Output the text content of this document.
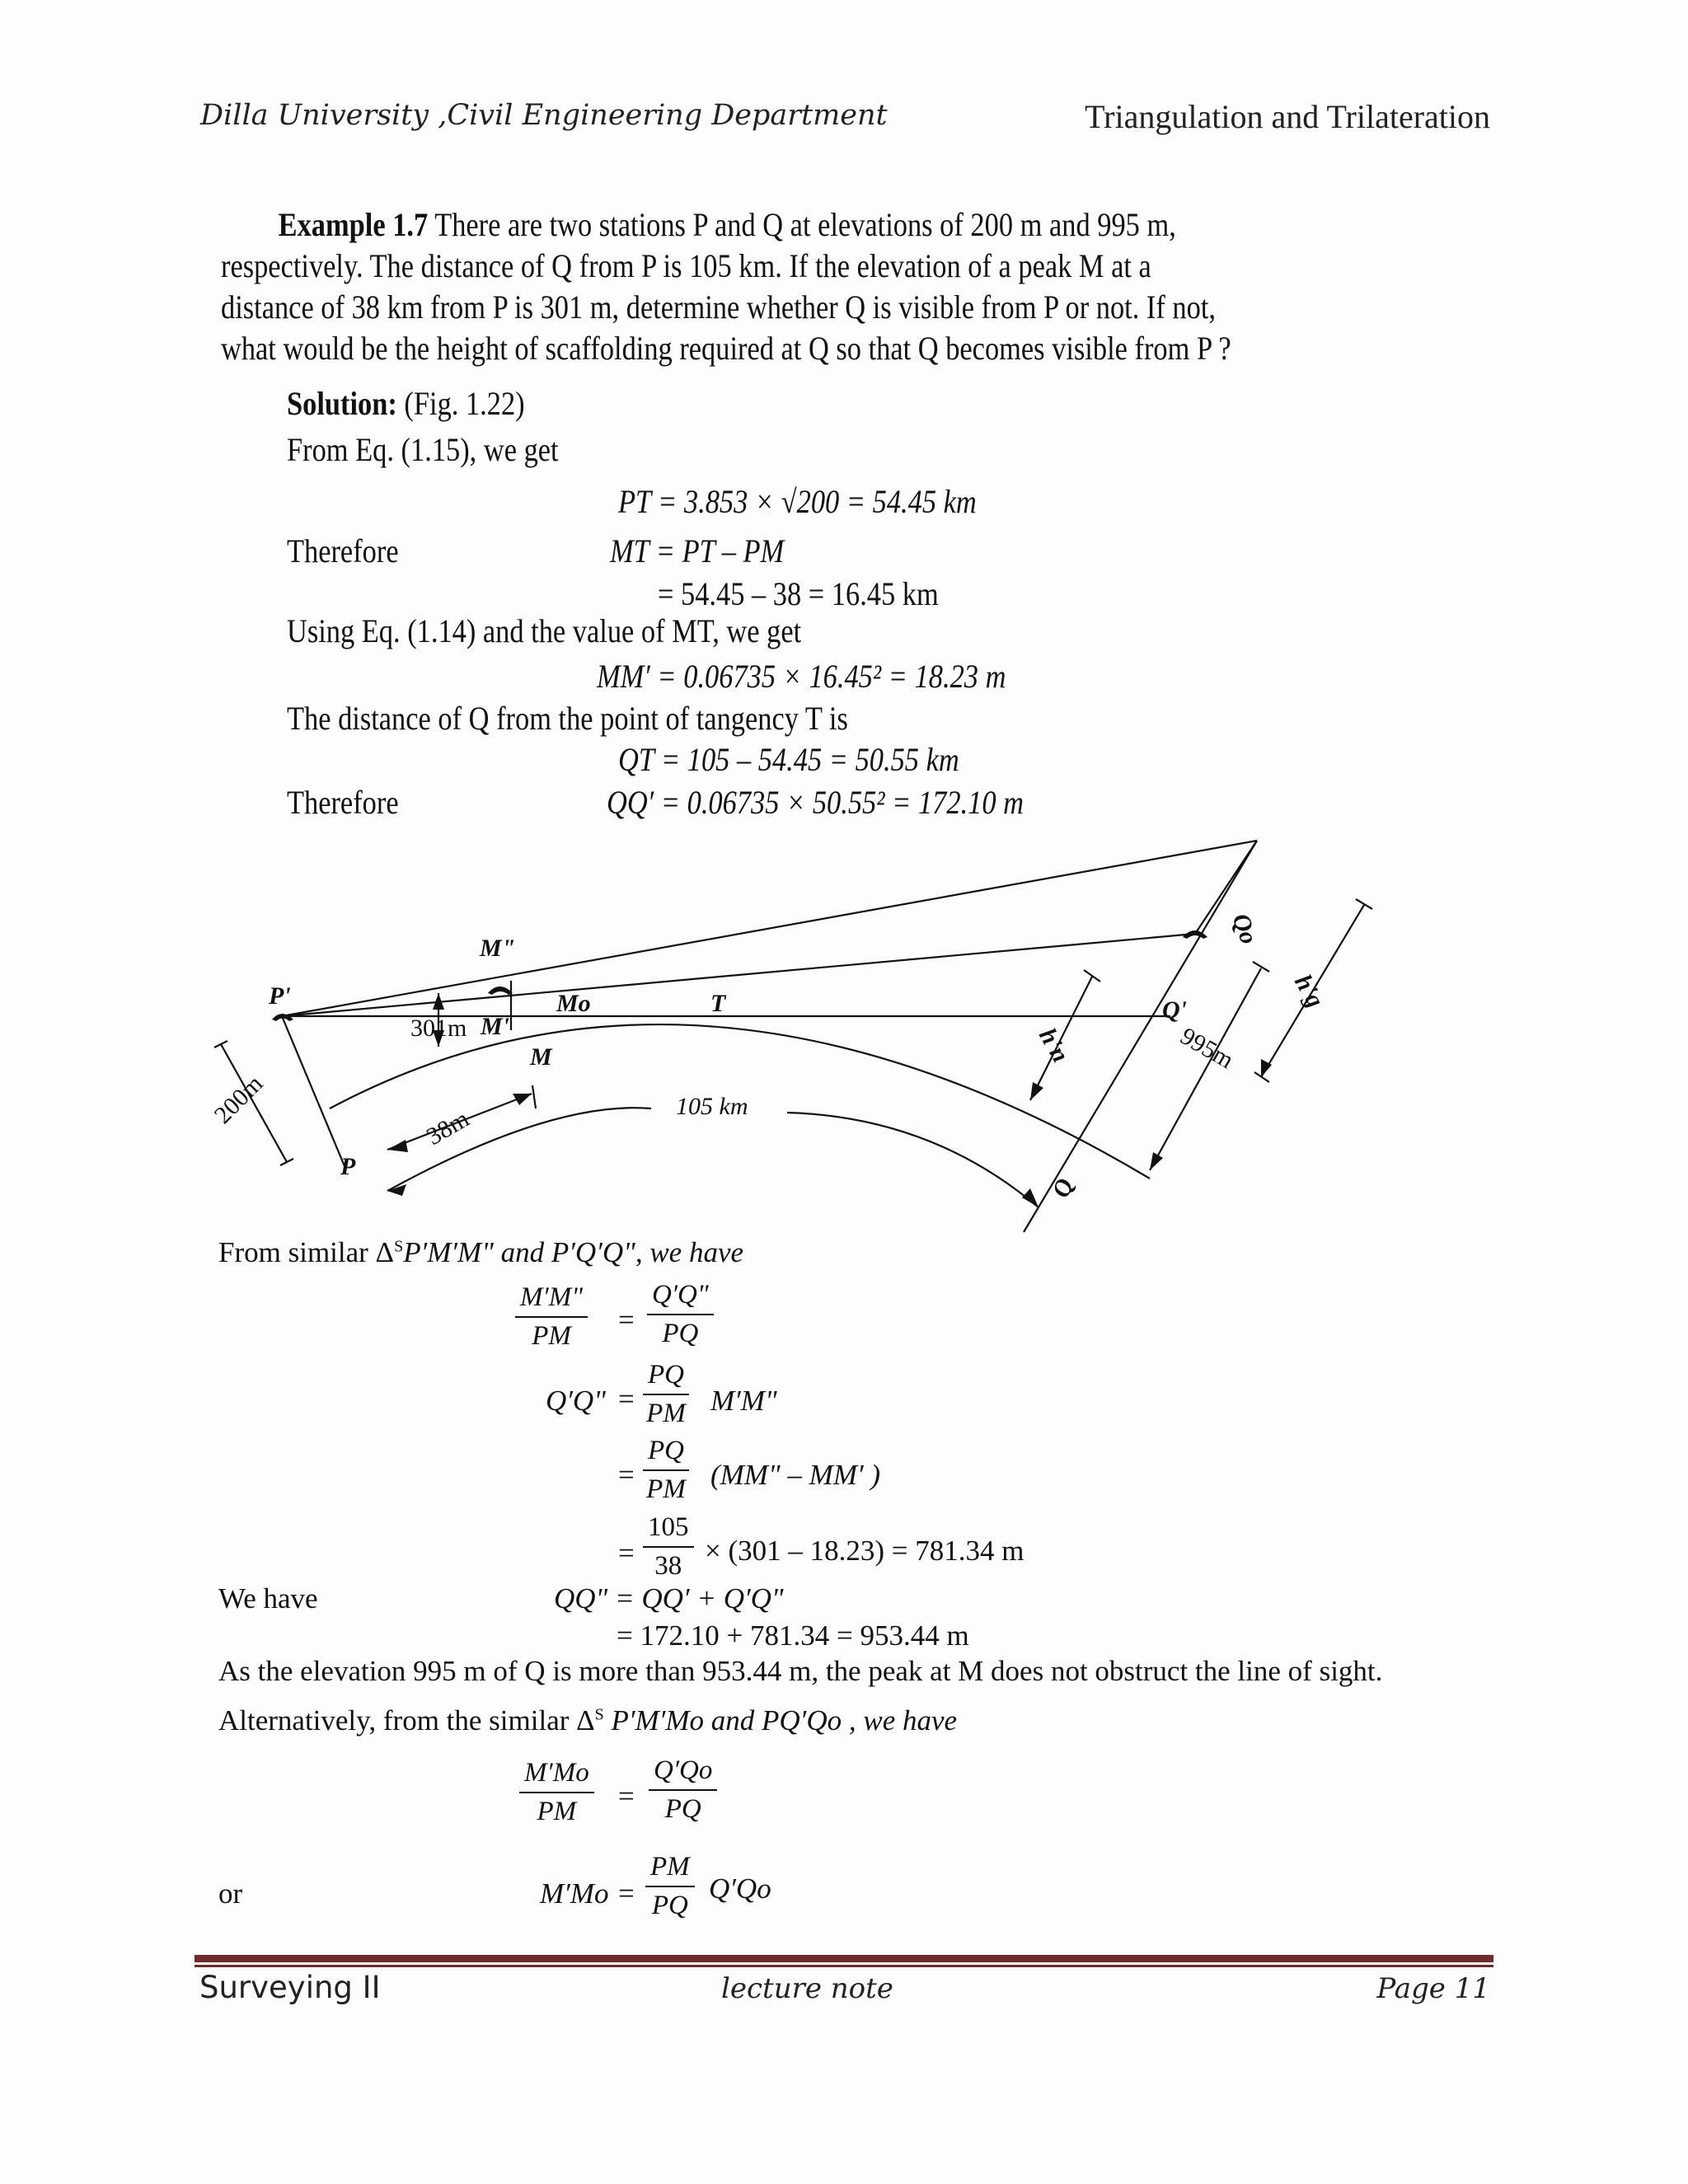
Dilla University ,Civil Engineering Department	Triangulation and Trilateration
Example 1.7 There are two stations P and Q at elevations of 200 m and 995 m, respectively. The distance of Q from P is 105 km. If the elevation of a peak M at a distance of 38 km from P is 301 m, determine whether Q is visible from P or not. If not, what would be the height of scaffolding required at Q so that Q becomes visible from P ?
Solution: (Fig. 1.22)
From Eq. (1.15), we get
PT = 3.853 × √200 = 54.45 km
Therefore	MT = PT – PM
= 54.45 – 38 = 16.45 km
Using Eq. (1.14) and the value of MT, we get
MM′ = 0.06735 × 16.45² = 18.23 m
The distance of Q from the point of tangency T is
QT = 105 – 54.45 = 50.55 km
Therefore	QQ′ = 0.06735 × 50.55² = 172.10 m
P'
P
M"
M'
M
Mo	T	Q'
Q
Qo
h'n
h'g
200m
301m
38m	105 km
995m
From similar $\Delta^SP'M'M$" and P′Q′Q", we have
$\frac{M'M"}{PM} = \frac{Q'Q"}{PQ}$
Q′Q" = $\frac{PQ}{PM} M'M$"
= $\frac{PQ}{PM} (MM$" – MM′ )
= $\frac{105}{38} \times (301 - 18.23) = 781.34$ m
We have	QQ" = QQ′ + Q′Q"
= 172.10 + 781.34 = 953.44 m
As the elevation 995 m of Q is more than 953.44 m, the peak at M does not obstruct the line of sight.
Alternatively, from the similar $\Delta^S$ P′M′Mo and PQ′Qo , we have
$\frac{M'Mo}{PM} = \frac{Q'Qo}{PQ}$
or	$M'Mo = \frac{PM}{PQ} Q'Qo$
Surveying II	lecture note	Page 11
